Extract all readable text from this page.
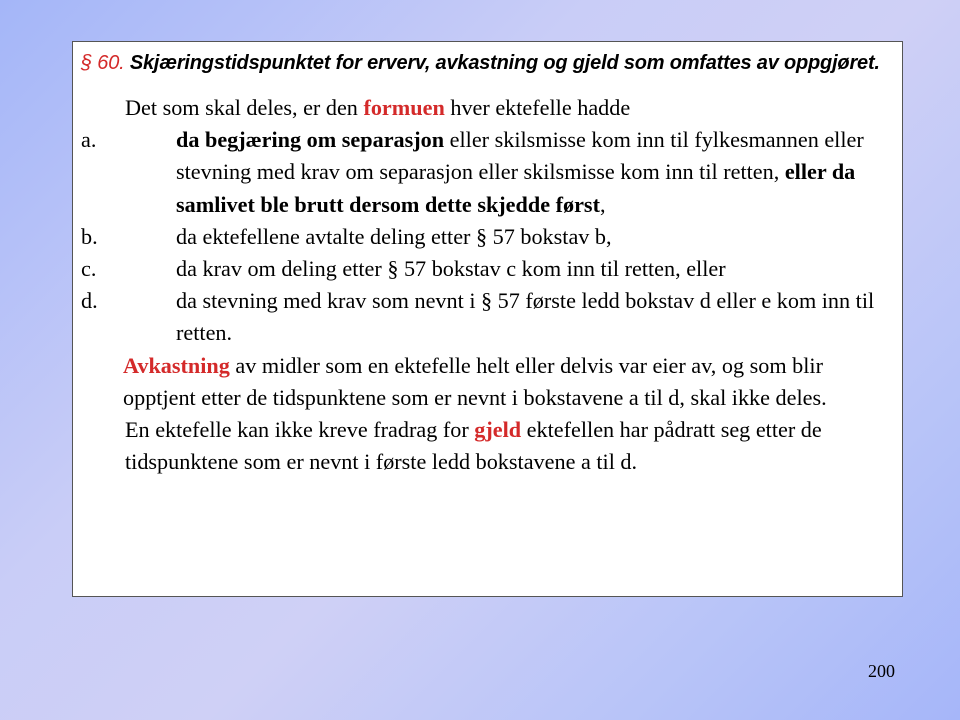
§ 60. Skjæringstidspunktet for erverv, avkastning og gjeld som omfattes av oppgjøret.

Det som skal deles, er den formuen hver ektefelle hadde

a.	da begjæring om separasjon eller skilsmisse kom inn til fylkesmannen eller stevning med krav om separasjon eller skilsmisse kom inn til retten, eller da samlivet ble brutt dersom dette skjedde først,
b.	da ektefellene avtalte deling etter § 57 bokstav b,
c.	da krav om deling etter § 57 bokstav c kom inn til retten, eller
d.	da stevning med krav som nevnt i § 57 første ledd bokstav d eller e kom inn til retten.

Avkastning av midler som en ektefelle helt eller delvis var eier av, og som blir opptjent etter de tidspunktene som er nevnt i bokstavene a til d, skal ikke deles.

En ektefelle kan ikke kreve fradrag for gjeld ektefellen har pådratt seg etter de tidspunktene som er nevnt i første ledd bokstavene a til d.

200
